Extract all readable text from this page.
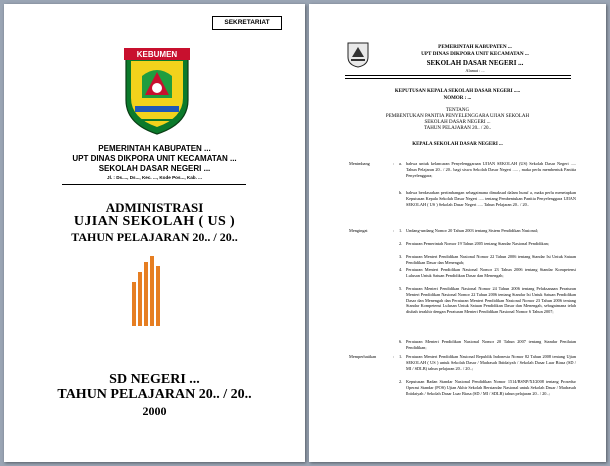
SEKRETARIAT
KEBUMEN
PEMERINTAH KABUPATEN ...
UPT DINAS DIKPORA UNIT KECAMATAN ...
SEKOLAH DASAR NEGERI ...
Jl. : Ds...., Ds..., Kec. ..., Kode Pos..., Kab. ...
ADMINISTRASI
UJIAN SEKOLAH ( US )
TAHUN PELAJARAN 20.. / 20..
SD NEGERI ...
TAHUN PELAJARAN 20.. / 20..
2000
PEMERINTAH KABUPATEN ...
UPT DINAS DIKPORA UNIT KECAMATAN ...
SEKOLAH DASAR NEGERI ...
Alamat : ...
KEPUTUSAN KEPALA SEKOLAH DASAR NEGERI .....
NOMOR : ...
TENTANG
PEMBENTUKAN PANITIA PENYELENGGARA UJIAN SEKOLAH
SEKOLAH DASAR NEGERI ...
TAHUN PELAJARAN 20.. / 20..
KEPALA SEKOLAH DASAR NEGERI ...
Menimbang	: a. bahwa untuk kelancaran Penyelenggaraan UJIAN SEKOLAH (US) Sekolah Dasar Negeri ..... Tahun Pelajaran 20.. / 20.. bagi siswa Sekolah Dasar Negeri ..... , maka perlu membentuk Panitia Penyelenggara;
b. bahwa berdasarkan pertimbangan sebagaimana dimaksud dalam huruf a, maka perlu menetapkan Keputusan Kepala Sekolah Dasar Negeri ..... tentang Pembentukan Panitia Penyelenggara UJIAN SEKOLAH ( US ) Sekolah Dasar Negeri ..... Tahun Pelajaran 20.. / 20..
Mengingat	: 1. Undang-undang Nomor 20 Tahun 2003 tentang Sistem Pendidikan Nasional;
2. Peraturan Pemerintah Nomor 19 Tahun 2005 tentang Standar Nasional Pendidikan;
3. Peraturan Menteri Pendidikan Nasional Nomor 22 Tahun 2006 tentang Standar Isi Untuk Satuan Pendidikan Dasar dan Menengah;
4. Peraturan Menteri Pendidikan Nasional Nomor 23 Tahun 2006 tentang Standar Kompetensi Lulusan Untuk Satuan Pendidikan Dasar dan Menengah;
5. Peraturan Menteri Pendidikan Nasional Nomor 24 Tahun 2006 tentang Pelaksanaan Peraturan Menteri Pendidikan Nasional Nomor 22 Tahun 2006 tentang Standar Isi Untuk Satuan Pendidikan Dasar dan Menengah dan Peraturan Menteri Pendidikan Nasional Nomor 23 Tahun 2006 tentang Standar Kompetensi Lulusan Untuk Satuan Pendidikan Dasar dan Menengah, sebagaimana telah diubah terakhir dengan Peraturan Menteri Pendidikan Nasional Nomor 6 Tahun 2007;
6. Peraturan Menteri Pendidikan Nasional Nomor 20 Tahun 2007 tentang Standar Penilaian Pendidikan;
Memperhatikan	: 1. Peraturan Menteri Pendidikan Nasional Republik Indonesia Nomor 82 Tahun 2008 tentang Ujian SEKOLAH ( US ) untuk Sekolah Dasar / Madrasah Ibtidaiyah / Sekolah Dasar Luar Biasa (SD / MI / SDLB) tahun pelajaran 20.. / 20..;
2. Keputusan Badan Standar Nasional Pendidikan Nomor 1514/BSNP/XI/2008 tentang Prosedur Operasi Standar (POS) Ujian Akhir Sekolah Berstandar Nasional untuk Sekolah Dasar / Madrasah Ibtidaiyah / Sekolah Dasar Luar Biasa (SD / MI / SDLB) tahun pelajaran 20.. / 20..;
